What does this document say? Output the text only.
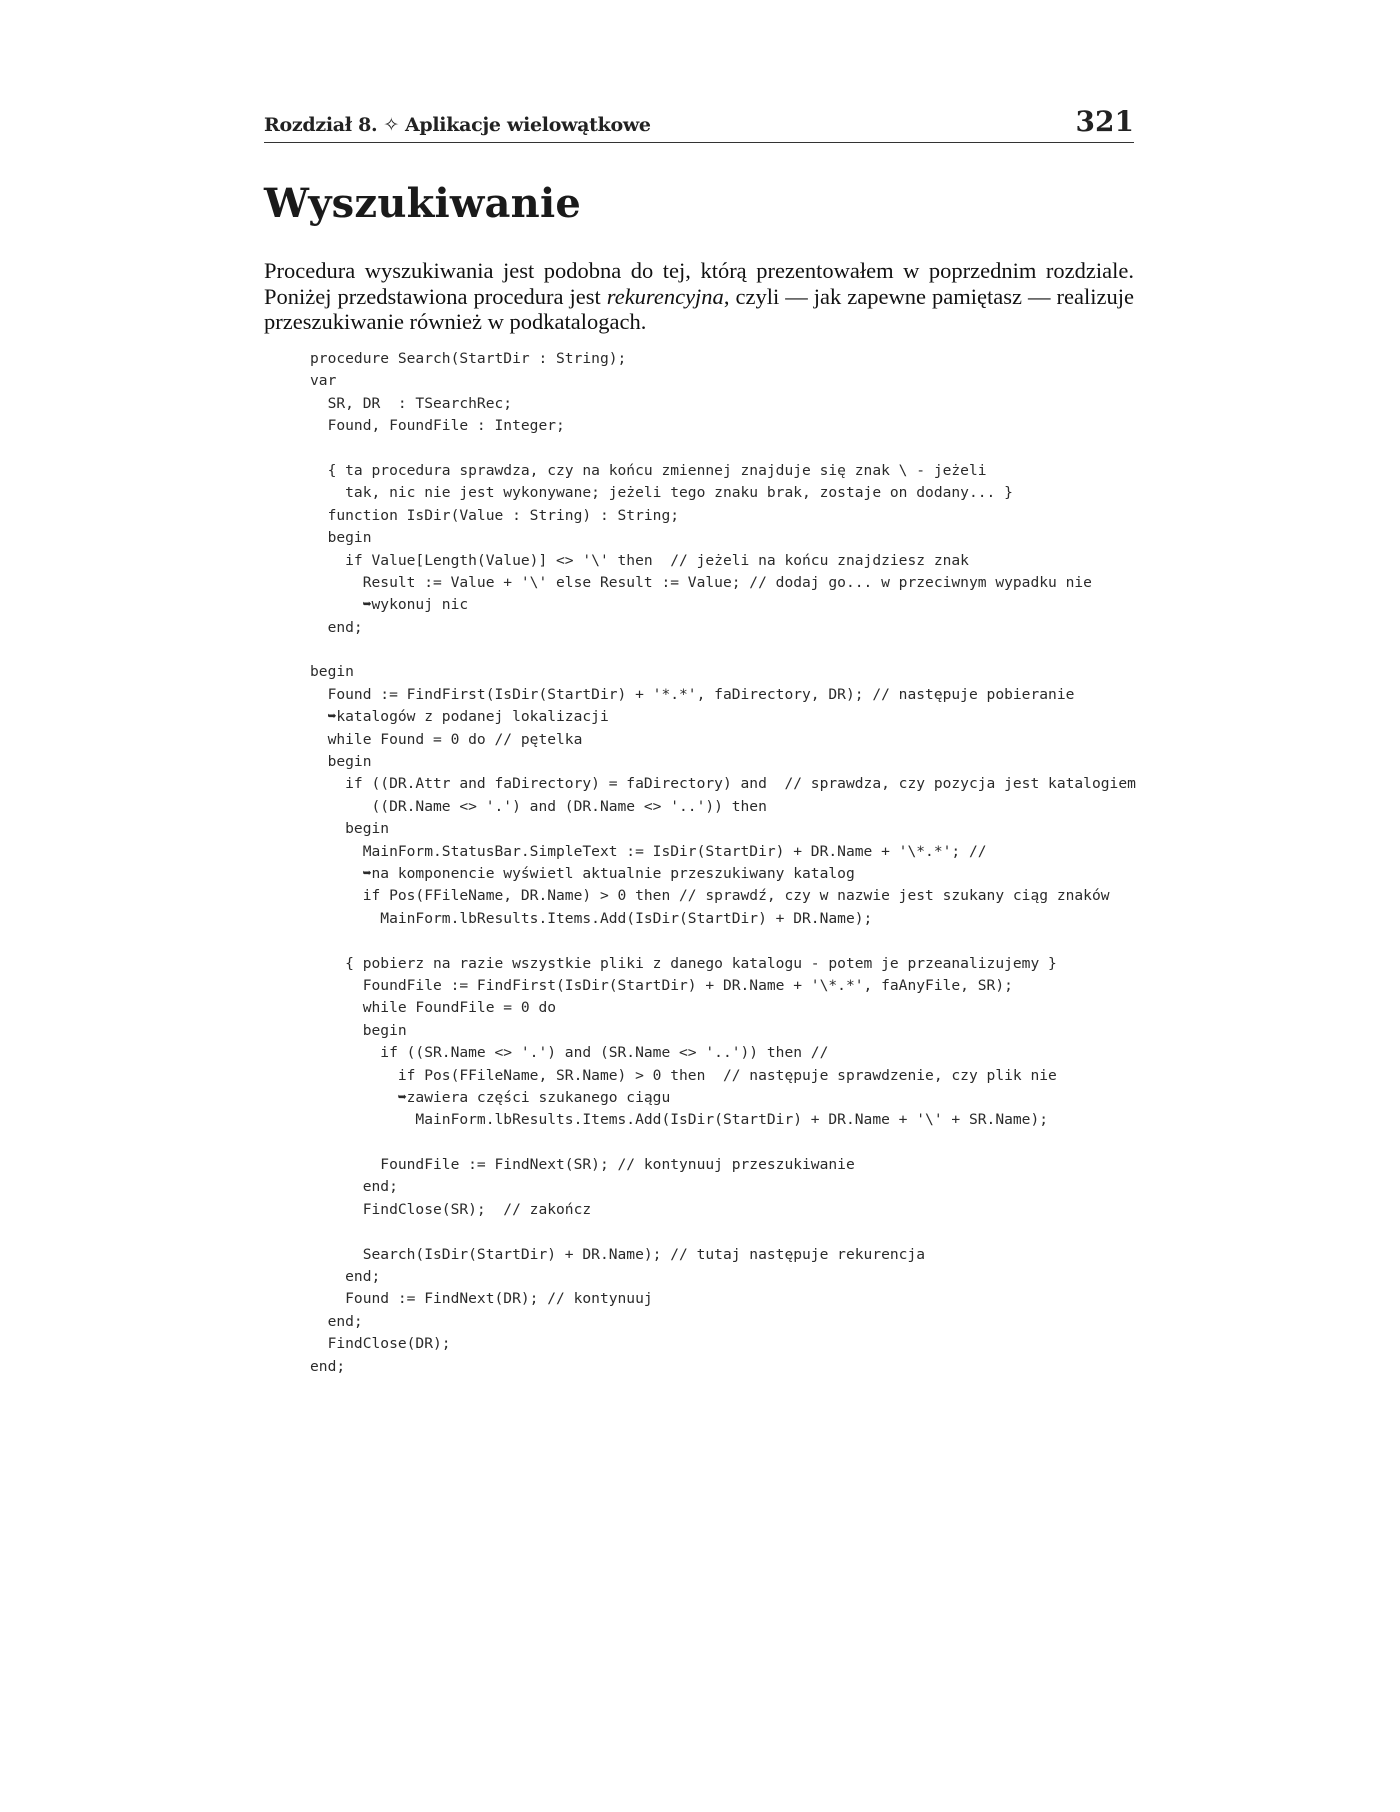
Rozdział 8. ✧ Aplikacje wielowątkowe	321
Wyszukiwanie

Procedura wyszukiwania jest podobna do tej, którą prezentowałem w poprzednim rozdziale. Poniżej przedstawiona procedura jest rekurencyjna, czyli — jak zapewne pamiętasz — realizuje przeszukiwanie również w podkatalogach.

procedure Search(StartDir : String);
var
SR, DR  : TSearchRec;
Found, FoundFile : Integer;
{ ta procedura sprawdza, czy na końcu zmiennej znajduje się znak \ - jeżeli
tak, nic nie jest wykonywane; jeżeli tego znaku brak, zostaje on dodany... }
function IsDir(Value : String) : String;
begin
if Value[Length(Value)] <> '\' then  // jeżeli na końcu znajdziesz znak
Result := Value + '\' else Result := Value; // dodaj go... w przeciwnym wypadku nie
➥wykonuj nic
end;
begin
Found := FindFirst(IsDir(StartDir) + '*.*', faDirectory, DR); // następuje pobieranie
➥katalogów z podanej lokalizacji
while Found = 0 do // pętelka
begin
if ((DR.Attr and faDirectory) = faDirectory) and  // sprawdza, czy pozycja jest katalogiem
((DR.Name <> '.') and (DR.Name <> '..')) then
begin
MainForm.StatusBar.SimpleText := IsDir(StartDir) + DR.Name + '\*.*'; //
➥na komponencie wyświetl aktualnie przeszukiwany katalog
if Pos(FFileName, DR.Name) > 0 then // sprawdź, czy w nazwie jest szukany ciąg znaków
MainForm.lbResults.Items.Add(IsDir(StartDir) + DR.Name);
{ pobierz na razie wszystkie pliki z danego katalogu - potem je przeanalizujemy }
FoundFile := FindFirst(IsDir(StartDir) + DR.Name + '\*.*', faAnyFile, SR);
while FoundFile = 0 do
begin
if ((SR.Name <> '.') and (SR.Name <> '..')) then //
if Pos(FFileName, SR.Name) > 0 then  // następuje sprawdzenie, czy plik nie
➥zawiera części szukanego ciągu
MainForm.lbResults.Items.Add(IsDir(StartDir) + DR.Name + '\' + SR.Name);
FoundFile := FindNext(SR); // kontynuuj przeszukiwanie
end;
FindClose(SR);  // zakończ
Search(IsDir(StartDir) + DR.Name); // tutaj następuje rekurencja
end;
Found := FindNext(DR); // kontynuuj
end;
FindClose(DR);
end;
